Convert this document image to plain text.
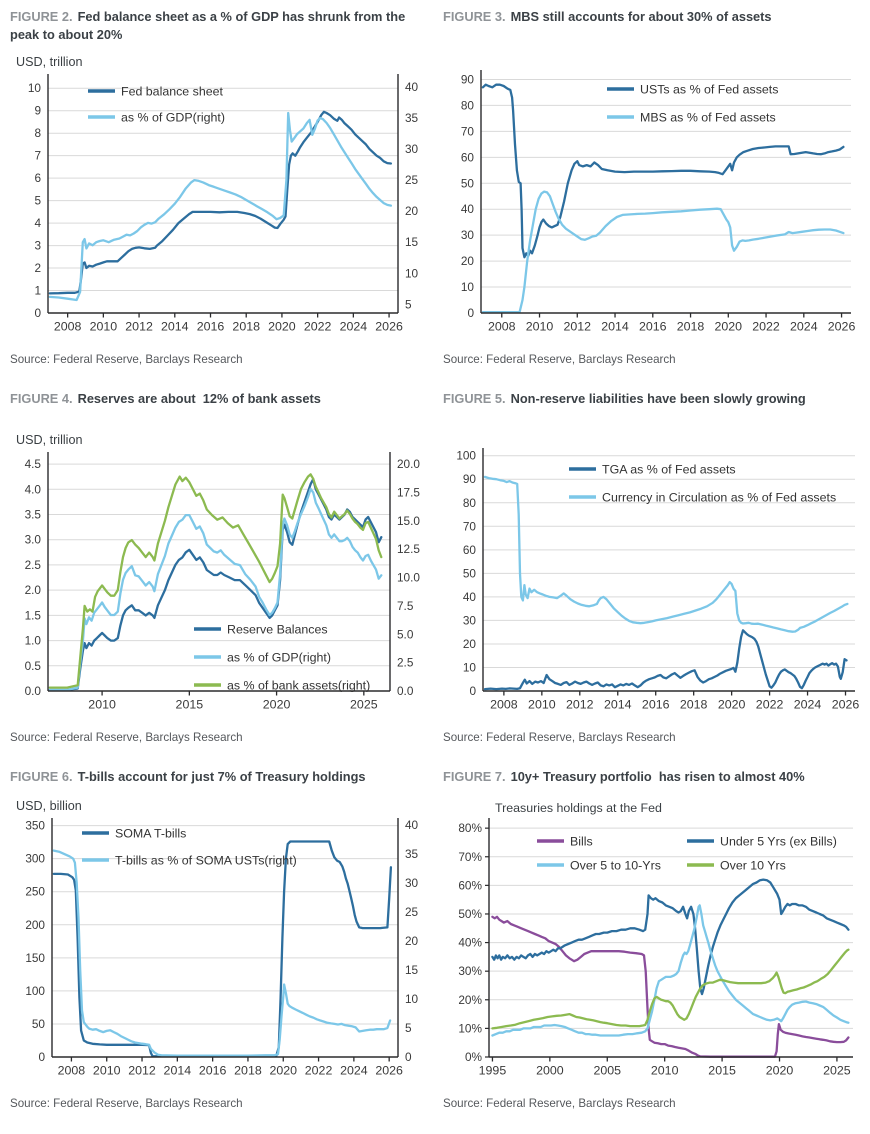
FIGURE 2. Fed balance sheet as a % of GDP has shrunk from the peak to about 20%
USD, trillion
2008 2010 2012 2014 2016 2018 2020 2022 2024 2026
0
1
2
3
4
5
6
7
8
9
10
5
10
15
20
25
30
35
40
Fed balance sheet
as % of GDP(right)
Source: Federal Reserve, Barclays Research
FIGURE 3. MBS still accounts for about 30% of assets
2008 2010 2012 2014 2016 2018 2020 2022 2024 2026
0
10
20
30
40
50
60
70
80
90
USTs as % of Fed assets
MBS as % of Fed assets
Source: Federal Reserve, Barclays Research
FIGURE 4. Reserves are about  12% of bank assets
USD, trillion
2010	2015	2020	2025
0.0
0.5
1.0
1.5
2.0
2.5
3.0
3.5
4.0
4.5
0.0
2.5
5.0
7.5
10.0
12.5
15.0
17.5
20.0
Reserve Balances
as % of GDP(right)
as % of bank assets(right)
Source: Federal Reserve, Barclays Research
FIGURE 5. Non-reserve liabilities have been slowly growing
2008 2010 2012 2014 2016 2018 2020 2022 2024 2026
0
10
20
30
40
50
60
70
80
90
100
TGA as % of Fed assets
Currency in Circulation as % of Fed assets
Source: Federal Reserve, Barclays Research
FIGURE 6. T-bills account for just 7% of Treasury holdings
USD, billion
2008 2010 2012 2014 2016 2018 2020 2022 2024 2026
0
50
100
150
200
250
300
350
0
5
10
15
20
25
30
35
40
SOMA T-bills
T-bills as % of SOMA USTs(right)
Source: Federal Reserve, Barclays Research
FIGURE 7. 10y+ Treasury portfolio  has risen to almost 40%
1995 2000 2005 2010 2015 2020 2025
0%
10%
20%
30%
40%
50%
60%
70%
80%
Treasuries holdings at the Fed
Bills	Under 5 Yrs (ex Bills)
Over 5 to 10-Yrs	Over 10 Yrs
Source: Federal Reserve, Barclays Research
